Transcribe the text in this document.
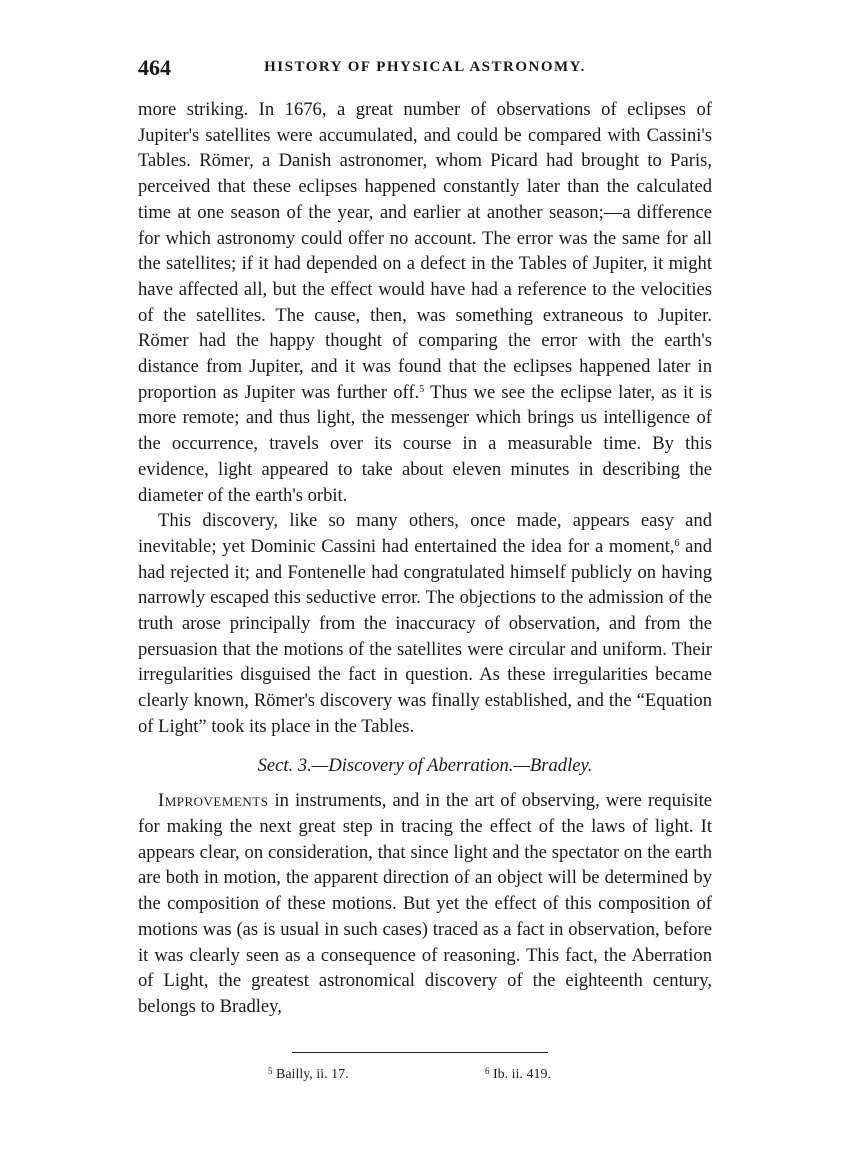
464	HISTORY OF PHYSICAL ASTRONOMY.

more striking. In 1676, a great number of observations of eclipses of Jupiter's satellites were accumulated, and could be compared with Cassini's Tables. Römer, a Danish astronomer, whom Picard had brought to Paris, perceived that these eclipses happened constantly later than the calculated time at one season of the year, and earlier at another season;—a difference for which astronomy could offer no account. The error was the same for all the satellites; if it had depended on a defect in the Tables of Jupiter, it might have affected all, but the effect would have had a reference to the velocities of the satellites. The cause, then, was something extraneous to Jupiter. Römer had the happy thought of comparing the error with the earth's distance from Jupiter, and it was found that the eclipses happened later in proportion as Jupiter was further off.$^5$ Thus we see the eclipse later, as it is more remote; and thus light, the messenger which brings us intelligence of the occurrence, travels over its course in a measurable time. By this evidence, light appeared to take about eleven minutes in describing the diameter of the earth's orbit.

This discovery, like so many others, once made, appears easy and inevitable; yet Dominic Cassini had entertained the idea for a moment,$^6$ and had rejected it; and Fontenelle had congratulated himself publicly on having narrowly escaped this seductive error. The objections to the admission of the truth arose principally from the inaccuracy of observation, and from the persuasion that the motions of the satellites were circular and uniform. Their irregularities disguised the fact in question. As these irregularities became clearly known, Römer's discovery was finally established, and the “Equation of Light” took its place in the Tables.

Sect. 3.—Discovery of Aberration.—Bradley.

Improvements in instruments, and in the art of observing, were requisite for making the next great step in tracing the effect of the laws of light. It appears clear, on consideration, that since light and the spectator on the earth are both in motion, the apparent direction of an object will be determined by the composition of these motions. But yet the effect of this composition of motions was (as is usual in such cases) traced as a fact in observation, before it was clearly seen as a consequence of reasoning. This fact, the Aberration of Light, the greatest astronomical discovery of the eighteenth century, belongs to Bradley,

$^5$ Bailly, ii. 17.	$^6$ Ib. ii. 419.
